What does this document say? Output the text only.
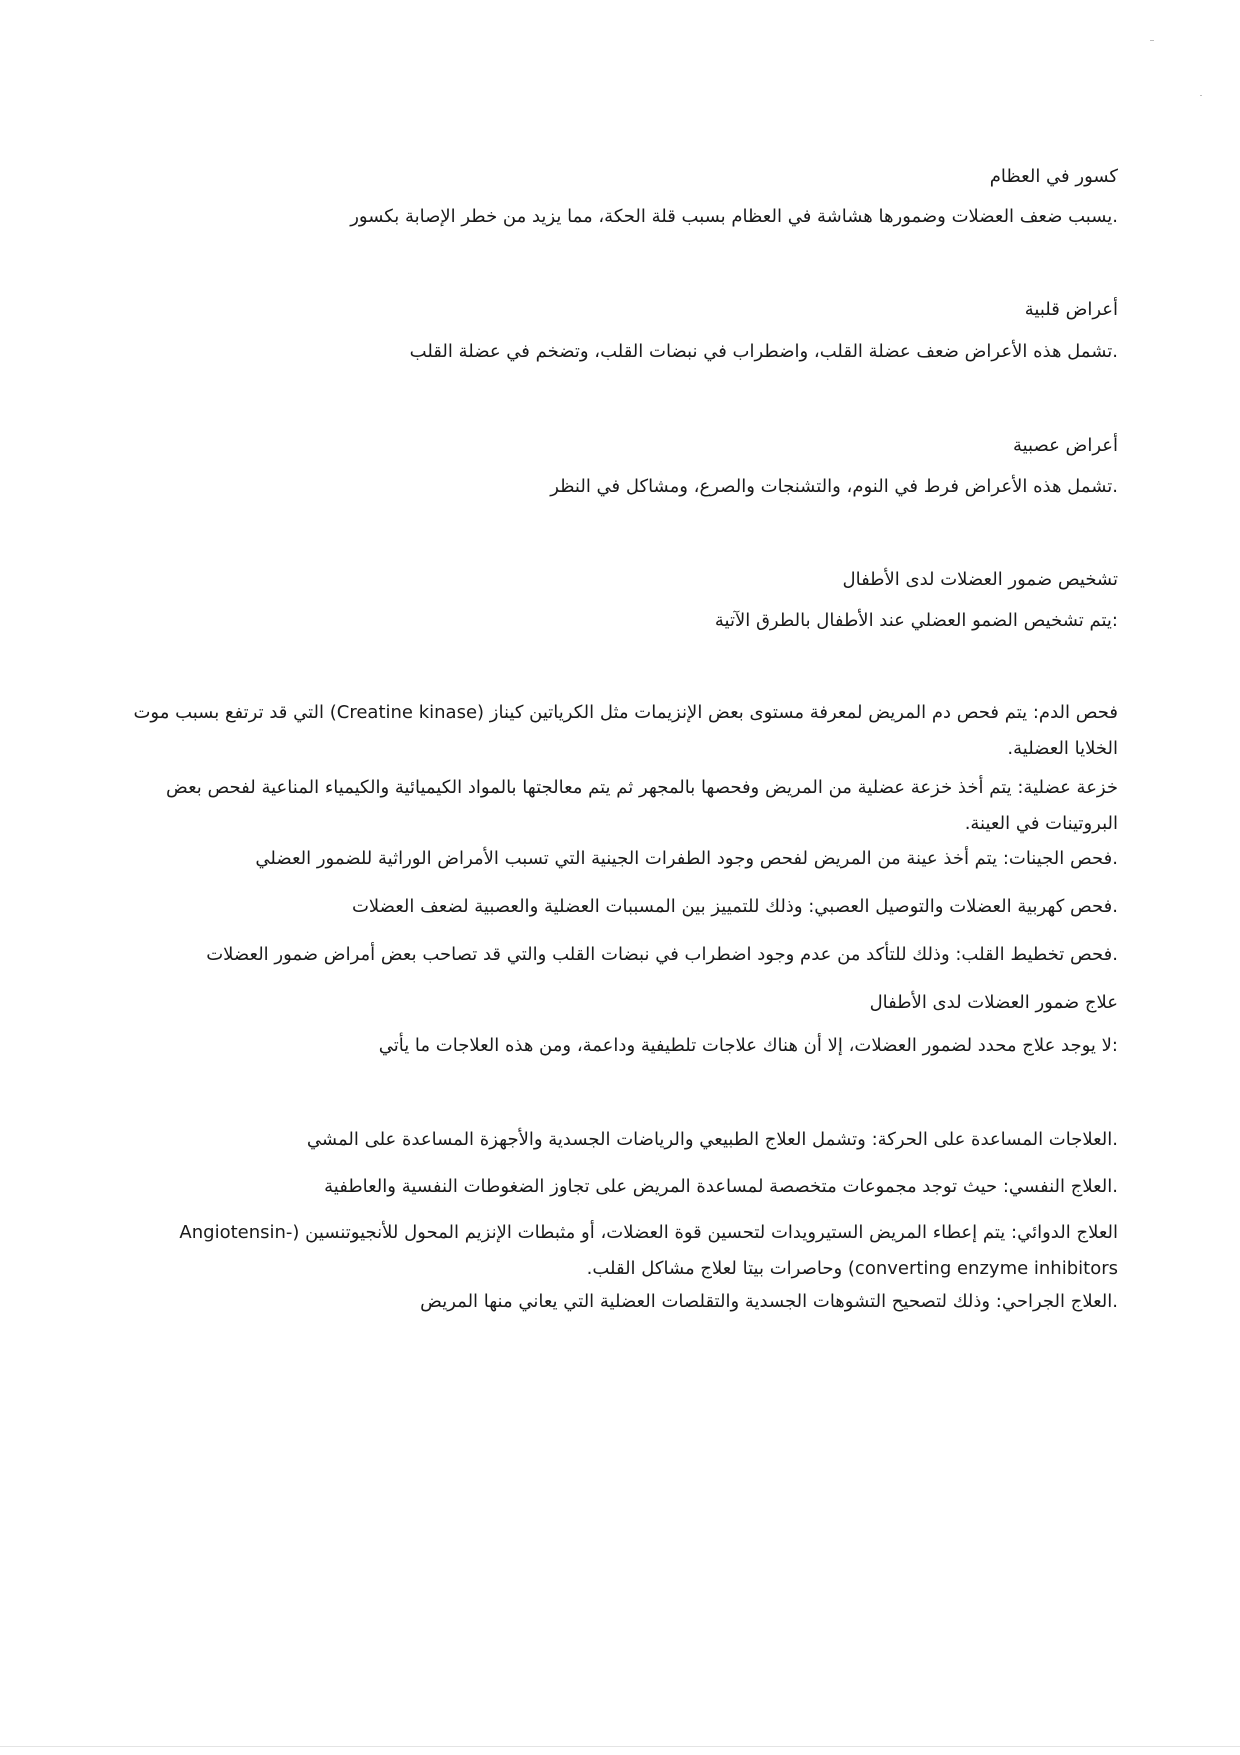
كسور في العظام
.يسبب ضعف العضلات وضمورها هشاشة في العظام بسبب قلة الحكة، مما يزيد من خطر الإصابة بكسور
أعراض قلبية
.تشمل هذه الأعراض ضعف عضلة القلب، واضطراب في نبضات القلب، وتضخم في عضلة القلب
أعراض عصبية
.تشمل هذه الأعراض فرط في النوم، والتشنجات والصرع، ومشاكل في النظر
تشخيص ضمور العضلات لدى الأطفال
:يتم تشخيص الضمو العضلي عند الأطفال بالطرق الآتية
فحص الدم: يتم فحص دم المريض لمعرفة مستوى بعض الإنزيمات مثل الكرياتين كيناز (Creatine kinase) التي قد ترتفع بسبب موت الخلايا العضلية.
خزعة عضلية: يتم أخذ خزعة عضلية من المريض وفحصها بالمجهر ثم يتم معالجتها بالمواد الكيميائية والكيمياء المناعية لفحص بعض البروتينات في العينة.
.فحص الجينات: يتم أخذ عينة من المريض لفحص وجود الطفرات الجينية التي تسبب الأمراض الوراثية للضمور العضلي
.فحص كهربية العضلات والتوصيل العصبي: وذلك للتمييز بين المسببات العضلية والعصبية لضعف العضلات
.فحص تخطيط القلب: وذلك للتأكد من عدم وجود اضطراب في نبضات القلب والتي قد تصاحب بعض أمراض ضمور العضلات
علاج ضمور العضلات لدى الأطفال
:لا يوجد علاج محدد لضمور العضلات، إلا أن هناك علاجات تلطيفية وداعمة، ومن هذه العلاجات ما يأتي
.العلاجات المساعدة على الحركة: وتشمل العلاج الطبيعي والرياضات الجسدية والأجهزة المساعدة على المشي
.العلاج النفسي: حيث توجد مجموعات متخصصة لمساعدة المريض على تجاوز الضغوطات النفسية والعاطفية
العلاج الدوائي: يتم إعطاء المريض الستيرويدات لتحسين قوة العضلات، أو مثبطات الإنزيم المحول للأنجيوتنسين (Angiotensin-converting enzyme inhibitors) وحاصرات بيتا لعلاج مشاكل القلب.
.العلاج الجراحي: وذلك لتصحيح التشوهات الجسدية والتقلصات العضلية التي يعاني منها المريض
